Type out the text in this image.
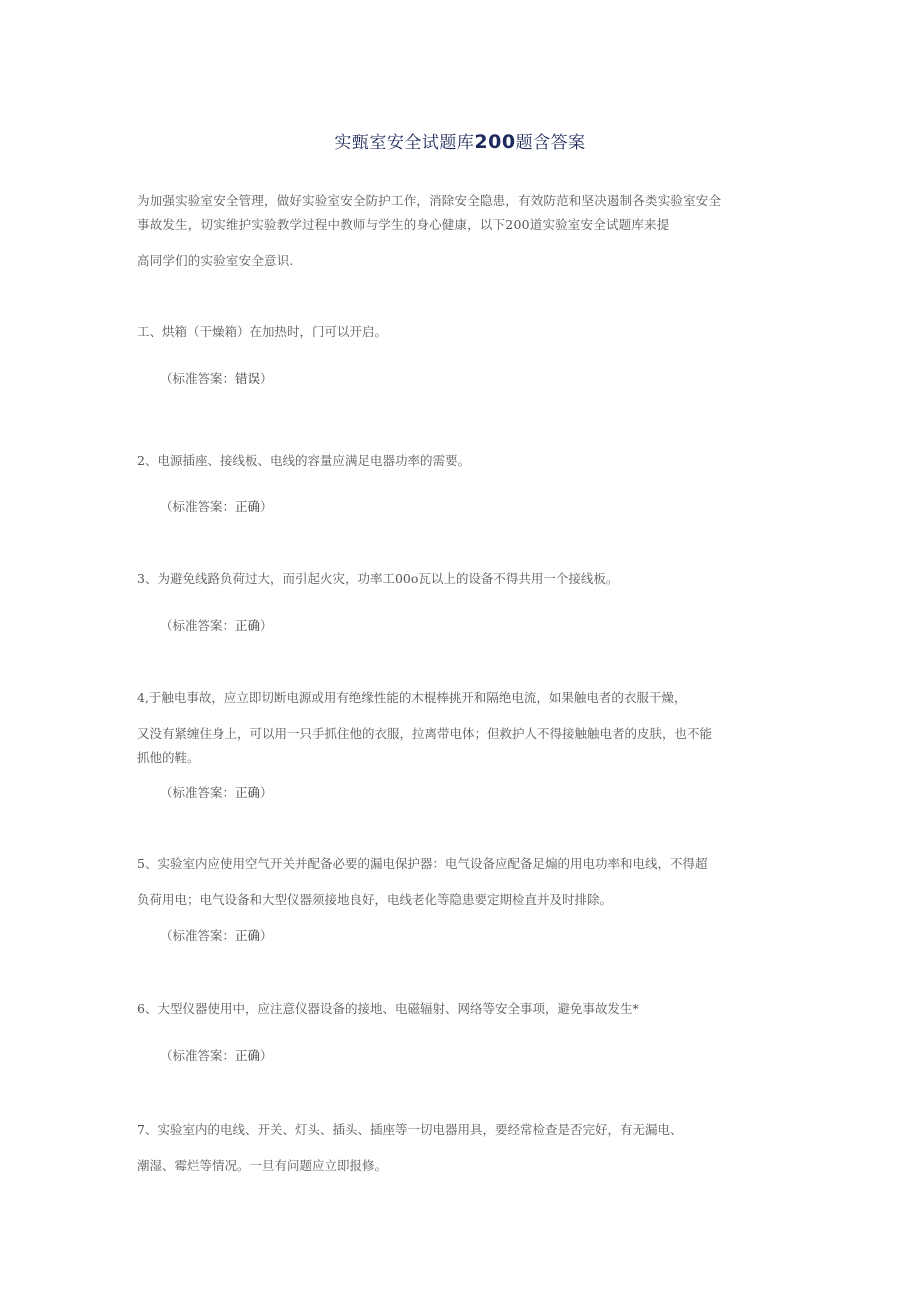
实甄室安全试题库200题含答案
为加强实验室安全管理，做好实验室安全防护工作，消除安全隐患，有效防范和坚决遏制各类实验室安全
事故发生，切实维护实验教学过程中教师与学生的身心健康，以下200道实验室安全试题库来提
高同学们的实验室安全意识.
工、烘箱（干燥箱）在加热时，门可以开启。
（标准答案：错误）
2、电源插座、接线板、电线的容量应满足电器功率的需要。
（标准答案：正确）
3、为避免线路负荷过大，而引起火灾，功率工00o瓦以上的设备不得共用一个接线板。
（标准答案：正确）
4,于触电事故，应立即切断电源或用有绝缘性能的木棍棒挑开和隔绝电流，如果触电者的衣服干燥，
又没有紧缠住身上，可以用一只手抓住他的衣服，拉离带电体；但救护人不得接触触电者的皮肤，也不能
抓他的鞋。
（标准答案：正确）
5、实验室内应使用空气开关并配备必要的漏电保护器：电气设备应配备足煽的用电功率和电线，不得超
负荷用电；电气设备和大型仪器须接地良好，电线老化等隐患要定期检直并及时排除。
（标准答案：正确）
6、大型仪器使用中，应注意仪器设备的接地、电磁辐射、网络等安全事项，避免事故发生*
（标准答案：正确）
7、实验室内的电线、开关、灯头、插头、插座等一切电器用具，要经常检查是否完好，有无漏电、
潮湿、霉烂等情况。一旦有问题应立即报修。
